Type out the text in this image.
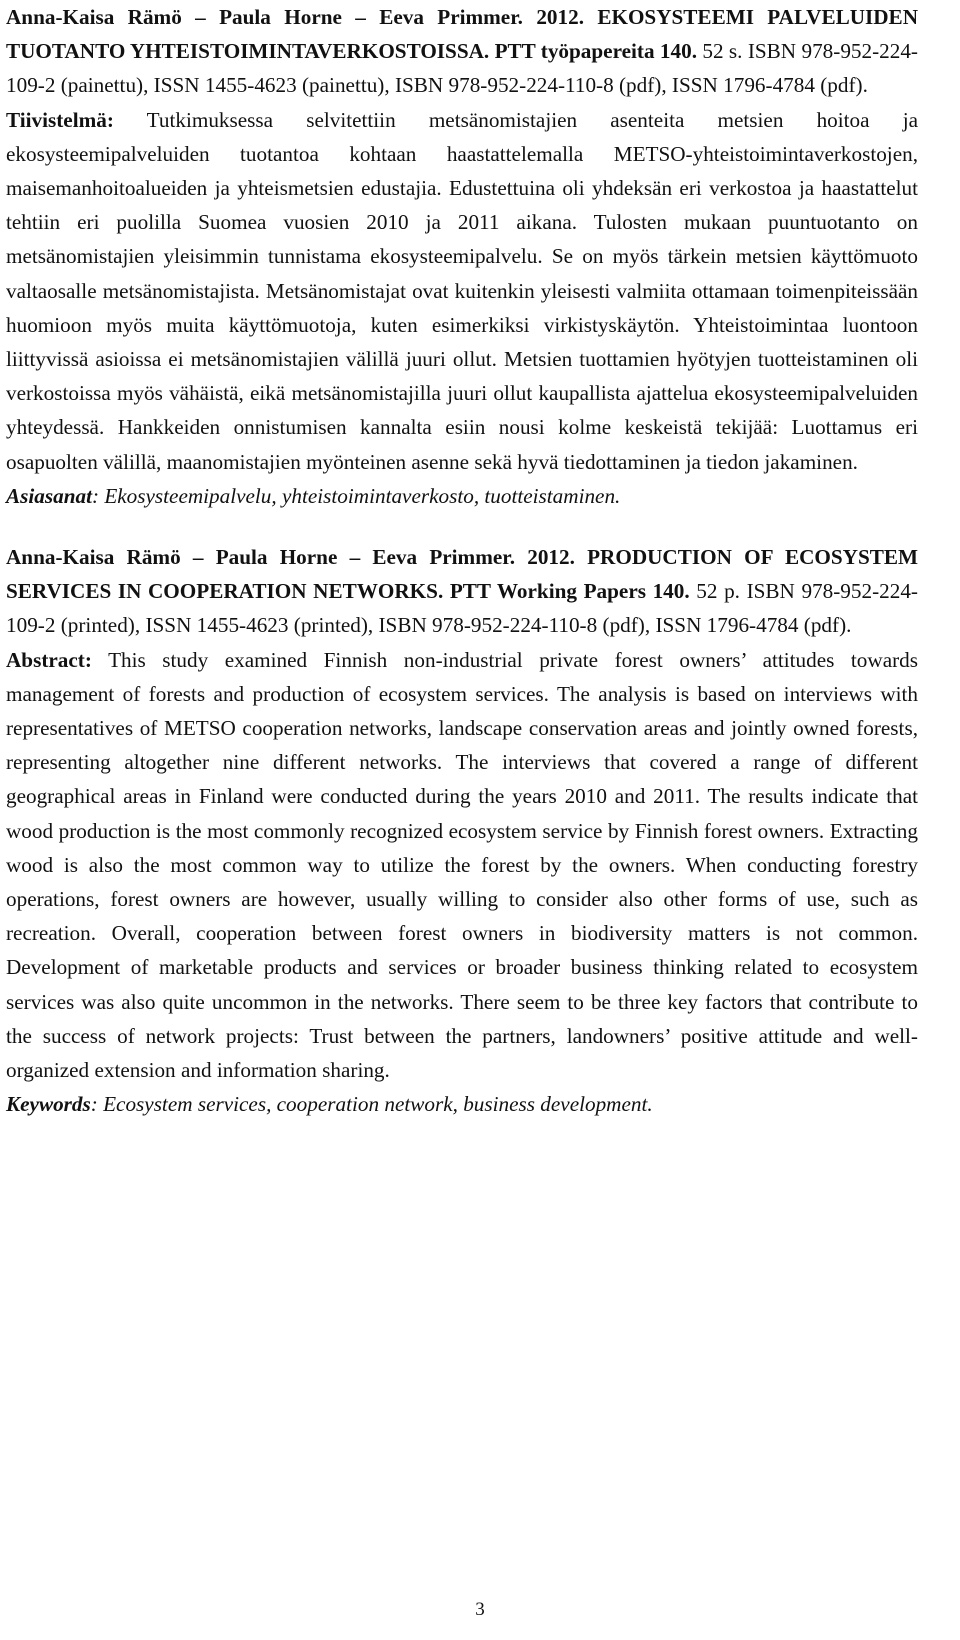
Anna-Kaisa Rämö – Paula Horne – Eeva Primmer. 2012. EKOSYSTEEMI PALVELUIDEN TUOTANTO YHTEISTOIMINTAVERKOSTOISSA. PTT työpapereita 140. 52 s. ISBN 978-952-224-109-2 (painettu), ISSN 1455-4623 (painettu), ISBN 978-952-224-110-8 (pdf), ISSN 1796-4784 (pdf).

Tiivistelmä: Tutkimuksessa selvitettiin metsänomistajien asenteita metsien hoitoa ja ekosysteemipalveluiden tuotantoa kohtaan haastattelemalla METSO-yhteistoimintaverkostojen, maisemanhoitoalueiden ja yhteismetsien edustajia. Edustettuina oli yhdeksän eri verkostoa ja haastattelut tehtiin eri puolilla Suomea vuosien 2010 ja 2011 aikana. Tulosten mukaan puuntuotanto on metsänomistajien yleisimmin tunnistama ekosysteemipalvelu. Se on myös tärkein metsien käyttömuoto valtaosalle metsänomistajista. Metsänomistajat ovat kuitenkin yleisesti valmiita ottamaan toimenpiteissään huomioon myös muita käyttömuotoja, kuten esimerkiksi virkistyskäytön. Yhteistoimintaa luontoon liittyvissä asioissa ei metsänomistajien välillä juuri ollut. Metsien tuottamien hyötyjen tuotteistaminen oli verkostoissa myös vähäistä, eikä metsänomistajilla juuri ollut kaupallista ajattelua ekosysteemipalveluiden yhteydessä. Hankkeiden onnistumisen kannalta esiin nousi kolme keskeistä tekijää: Luottamus eri osapuolten välillä, maanomistajien myönteinen asenne sekä hyvä tiedottaminen ja tiedon jakaminen.

Asiasanat: Ekosysteemipalvelu, yhteistoimintaverkosto, tuotteistaminen.

Anna-Kaisa Rämö – Paula Horne – Eeva Primmer. 2012. PRODUCTION OF ECOSYSTEM SERVICES IN COOPERATION NETWORKS. PTT Working Papers 140. 52 p. ISBN 978-952-224-109-2 (printed), ISSN 1455-4623 (printed), ISBN 978-952-224-110-8 (pdf), ISSN 1796-4784 (pdf).

Abstract: This study examined Finnish non-industrial private forest owners’ attitudes towards management of forests and production of ecosystem services. The analysis is based on interviews with representatives of METSO cooperation networks, landscape conservation areas and jointly owned forests, representing altogether nine different networks. The interviews that covered a range of different geographical areas in Finland were conducted during the years 2010 and 2011. The results indicate that wood production is the most commonly recognized ecosystem service by Finnish forest owners. Extracting wood is also the most common way to utilize the forest by the owners. When conducting forestry operations, forest owners are however, usually willing to consider also other forms of use, such as recreation. Overall, cooperation between forest owners in biodiversity matters is not common. Development of marketable products and services or broader business thinking related to ecosystem services was also quite uncommon in the networks. There seem to be three key factors that contribute to the success of network projects: Trust between the partners, landowners’ positive attitude and well-organized extension and information sharing.

Keywords: Ecosystem services, cooperation network, business development.

3
